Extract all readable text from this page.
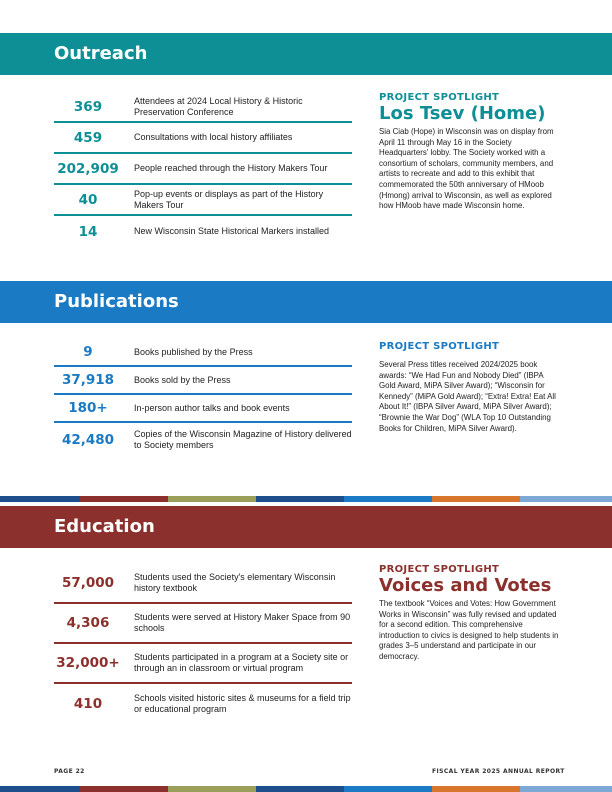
Outreach
369	Attendees at 2024 Local History & Historic Preservation Conference
459	Consultations with local history affiliates
202,909	People reached through the History Makers Tour
40	Pop-up events or displays as part of the History Makers Tour
14	New Wisconsin State Historical Markers installed
PROJECT SPOTLIGHT
Los Tsev (Home)
Sia Ciab (Hope) in Wisconsin was on display from April 11 through May 16 in the Society Headquarters' lobby. The Society worked with a consortium of scholars, community members, and artists to recreate and add to this exhibit that commemorated the 50th anniversary of HMoob (Hmong) arrival to Wisconsin, as well as explored how HMoob have made Wisconsin home.
Publications
9	Books published by the Press
37,918	Books sold by the Press
180+	In-person author talks and book events
42,480	Copies of the Wisconsin Magazine of History delivered to Society members
PROJECT SPOTLIGHT
Several Press titles received 2024/2025 book awards: “We Had Fun and Nobody Died” (IBPA Gold Award, MiPA Silver Award); “Wisconsin for Kennedy” (MiPA Gold Award); “Extra! Extra! Eat All About It!” (IBPA Silver Award, MiPA Silver Award); “Brownie the War Dog” (WLA Top 10 Outstanding Books for Children, MiPA Silver Award).
Education
57,000	Students used the Society's elementary Wisconsin history textbook
4,306	Students were served at History Maker Space from 90 schools
32,000+	Students participated in a program at a Society site or through an in classroom or virtual program
410	Schools visited historic sites & museums for a field trip or educational program
PROJECT SPOTLIGHT
Voices and Votes
The textbook “Voices and Votes: How Government Works in Wisconsin” was fully revised and updated for a second edition. This comprehensive introduction to civics is designed to help students in grades 3–5 understand and participate in our democracy.
PAGE 22	FISCAL YEAR 2025 ANNUAL REPORT
